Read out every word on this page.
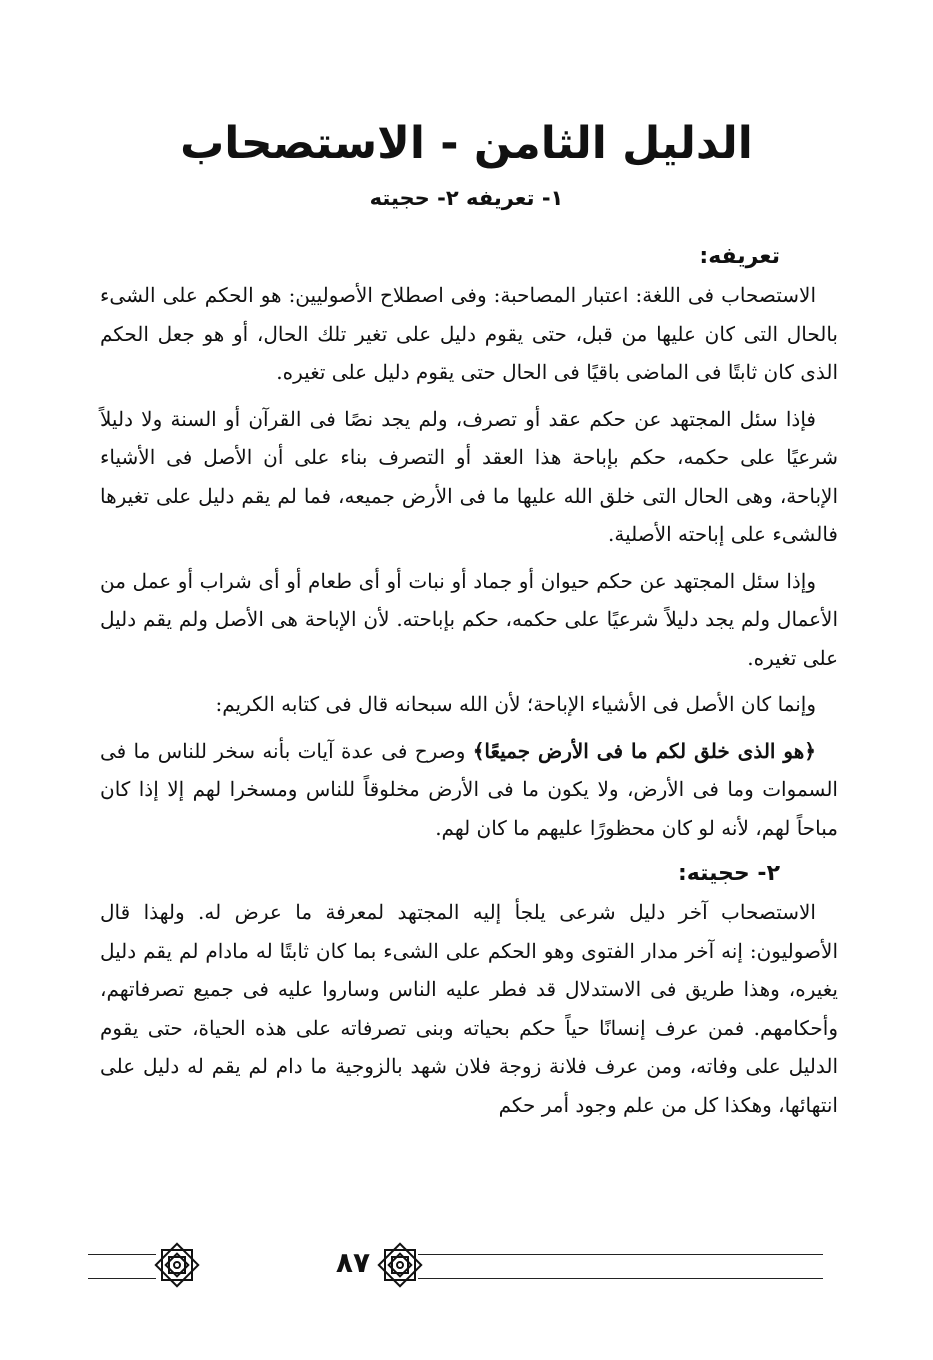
الدليل الثامن - الاستصحاب
١- تعريفه ٢- حجيته

تعريفه:

الاستصحاب فى اللغة: اعتبار المصاحبة: وفى اصطلاح الأصوليين: هو الحكم على الشىء بالحال التى كان عليها من قبل، حتى يقوم دليل على تغير تلك الحال، أو هو جعل الحكم الذى كان ثابتًا فى الماضى باقيًا فى الحال حتى يقوم دليل على تغيره.

فإذا سئل المجتهد عن حكم عقد أو تصرف، ولم يجد نصًا فى القرآن أو السنة ولا دليلاً شرعيًا على حكمه، حكم بإباحة هذا العقد أو التصرف بناء على أن الأصل فى الأشياء الإباحة، وهى الحال التى خلق الله عليها ما فى الأرض جميعه، فما لم يقم دليل على تغيرها فالشىء على إباحته الأصلية.

وإذا سئل المجتهد عن حكم حيوان أو جماد أو نبات أو أى طعام أو أى شراب أو عمل من الأعمال ولم يجد دليلاً شرعيًا على حكمه، حكم بإباحته. لأن الإباحة هى الأصل ولم يقم دليل على تغيره.

وإنما كان الأصل فى الأشياء الإباحة؛ لأن الله سبحانه قال فى كتابه الكريم:

﴿هو الذى خلق لكم ما فى الأرض جميعًا﴾ وصرح فى عدة آيات بأنه سخر للناس ما فى السموات وما فى الأرض، ولا يكون ما فى الأرض مخلوقاً للناس ومسخرا لهم إلا إذا كان مباحاً لهم، لأنه لو كان محظورًا عليهم ما كان لهم.

٢- حجيته:

الاستصحاب آخر دليل شرعى يلجأ إليه المجتهد لمعرفة ما عرض له. ولهذا قال الأصوليون: إنه آخر مدار الفتوى وهو الحكم على الشىء بما كان ثابتًا له مادام لم يقم دليل يغيره، وهذا طريق فى الاستدلال قد فطر عليه الناس وساروا عليه فى جميع تصرفاتهم، وأحكامهم. فمن عرف إنسانًا حياً حكم بحياته وبنى تصرفاته على هذه الحياة، حتى يقوم الدليل على وفاته، ومن عرف فلانة زوجة فلان شهد بالزوجية ما دام لم يقم له دليل على انتهائها، وهكذا كل من علم وجود أمر حكم

٨٧
